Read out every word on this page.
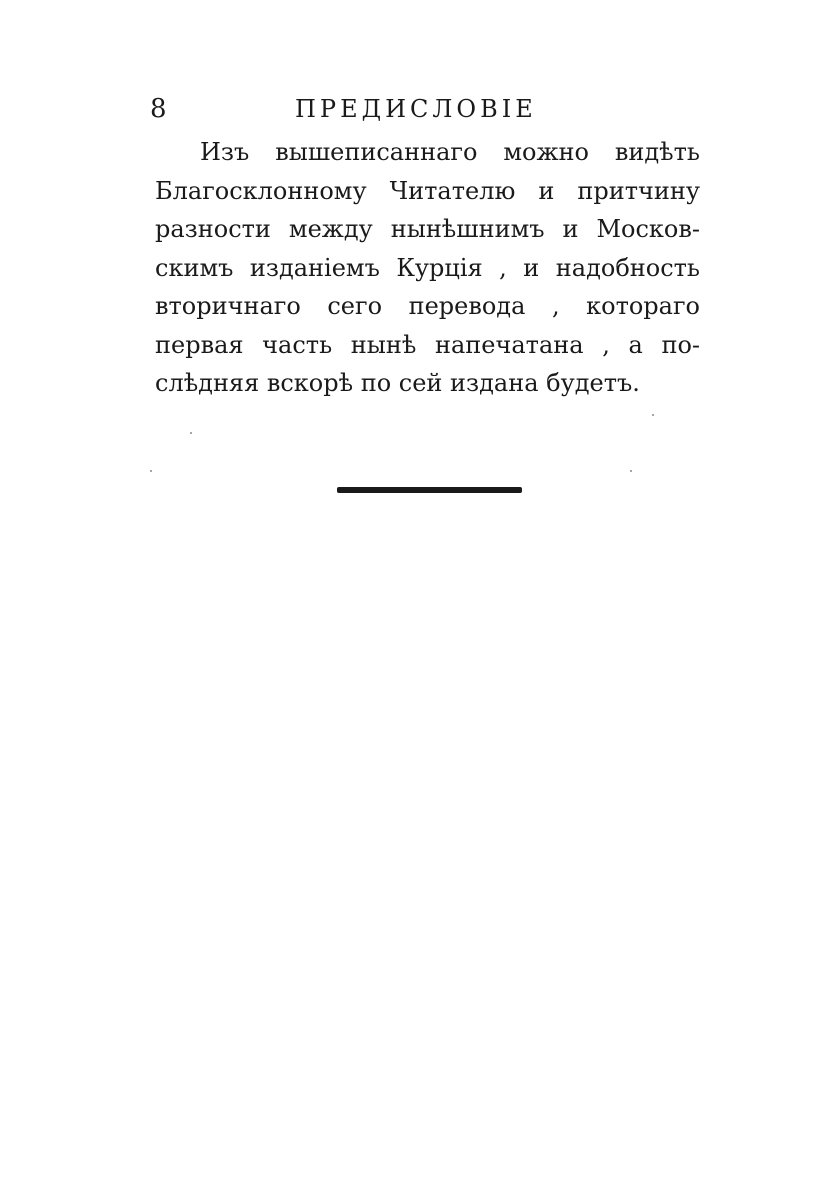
8	ПРЕДИСЛОВІЕ
Изъ вышеписаннаго можно видѣть
Благосклонному Читателю и притчину
разности между нынѣшнимъ и Москов-
скимъ изданiемъ Курцiя , и надобность
вторичнаго сего перевода , котораго
первая часть нынѣ напечатана , а по-
слѣдняя вскорѣ по сей издана будетъ.
